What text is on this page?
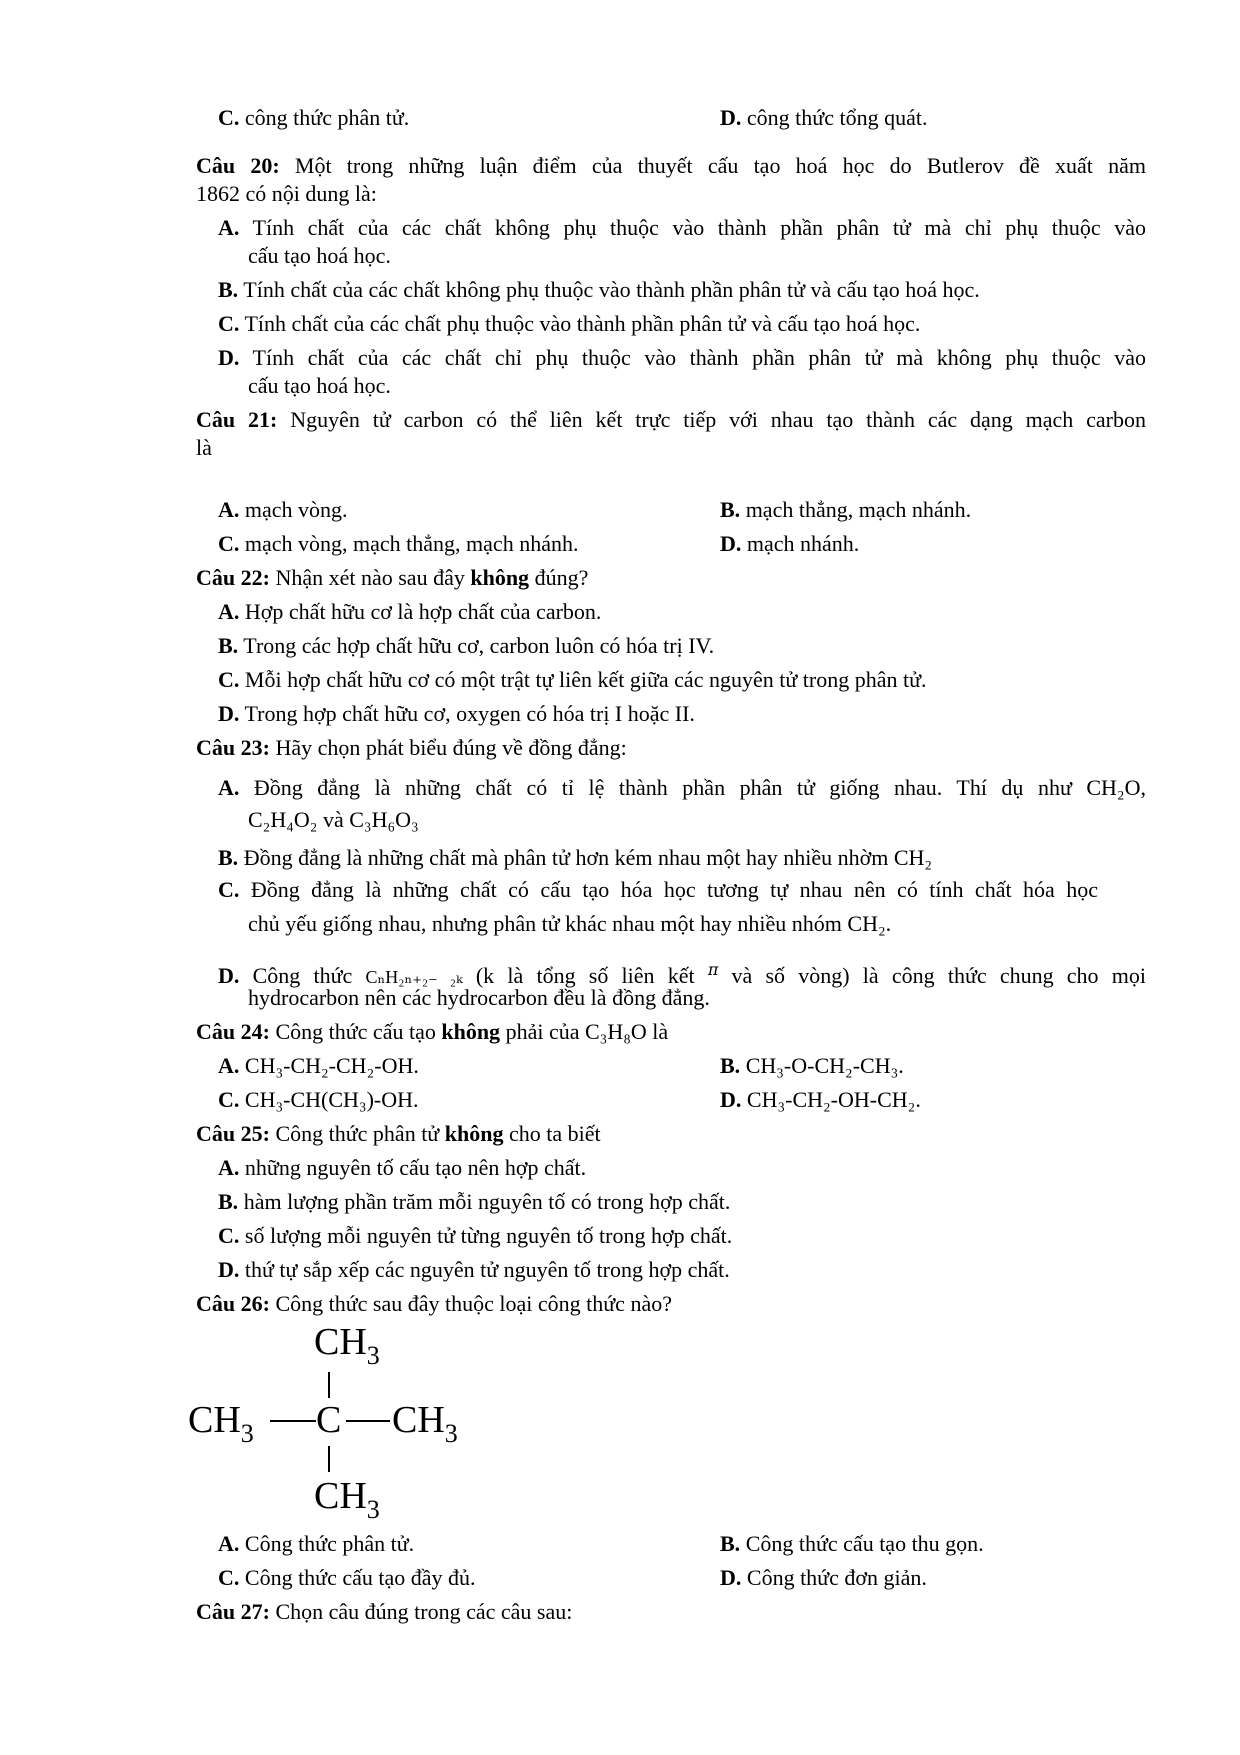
C. công thức phân tử.	D. công thức tổng quát.
Câu 20: Một trong những luận điểm của thuyết cấu tạo hoá học do Butlerov đề xuất năm
1862 có nội dung là:
A. Tính chất của các chất không phụ thuộc vào thành phần phân tử mà chỉ phụ thuộc vào
cấu tạo hoá học.
B. Tính chất của các chất không phụ thuộc vào thành phần phân tử và cấu tạo hoá học.
C. Tính chất của các chất phụ thuộc vào thành phần phân tử và cấu tạo hoá học.
D. Tính chất của các chất chỉ phụ thuộc vào thành phần phân tử mà không phụ thuộc vào
cấu tạo hoá học.
Câu 21: Nguyên tử carbon có thể liên kết trực tiếp với nhau tạo thành các dạng mạch carbon
là
A. mạch vòng.	B. mạch thẳng, mạch nhánh.
C. mạch vòng, mạch thẳng, mạch nhánh.	D. mạch nhánh.
Câu 22: Nhận xét nào sau đây không đúng?
A. Hợp chất hữu cơ là hợp chất của carbon.
B. Trong các hợp chất hữu cơ, carbon luôn có hóa trị IV.
C. Mỗi hợp chất hữu cơ có một trật tự liên kết giữa các nguyên tử trong phân tử.
D. Trong hợp chất hữu cơ, oxygen có hóa trị I hoặc II.
Câu 23: Hãy chọn phát biểu đúng về đồng đẳng:
A. Đồng đẳng là những chất có tỉ lệ thành phần phân tử giống nhau. Thí dụ như CH₂O,
C₂H₄O₂ và C₃H₆O₃
B. Đồng đẳng là những chất mà phân tử hơn kém nhau một hay nhiều nhờm CH₂
C. Đồng đẳng là những chất có cấu tạo hóa học tương tự nhau nên có tính chất hóa học
chủ yếu giống nhau, nhưng phân tử khác nhau một hay nhiều nhóm CH₂.
D. Công thức CₙH₂ₙ₊₂₋ ₂ₖ (k là tổng số liên kết $^\pi$ và số vòng) là công thức chung cho mọi
hydrocarbon nên các hydrocarbon đều là đồng đẳng.
Câu 24: Công thức cấu tạo không phải của C₃H₈O là
A. CH₃-CH₂-CH₂-OH.	B. CH₃-O-CH₂-CH₃.
C. CH₃-CH(CH₃)-OH.	D. CH₃-CH₂-OH-CH₂.
Câu 25: Công thức phân tử không cho ta biết
A. những nguyên tố cấu tạo nên hợp chất.
B. hàm lượng phần trăm mỗi nguyên tố có trong hợp chất.
C. số lượng mỗi nguyên tử từng nguyên tố trong hợp chất.
D. thứ tự sắp xếp các nguyên tử nguyên tố trong hợp chất.
Câu 26: Công thức sau đây thuộc loại công thức nào?
$CH_3$
$CH_3$ C $CH_3$
$CH_3$
A. Công thức phân tử.	B. Công thức cấu tạo thu gọn.
C. Công thức cấu tạo đầy đủ.	D. Công thức đơn giản.
Câu 27: Chọn câu đúng trong các câu sau:
